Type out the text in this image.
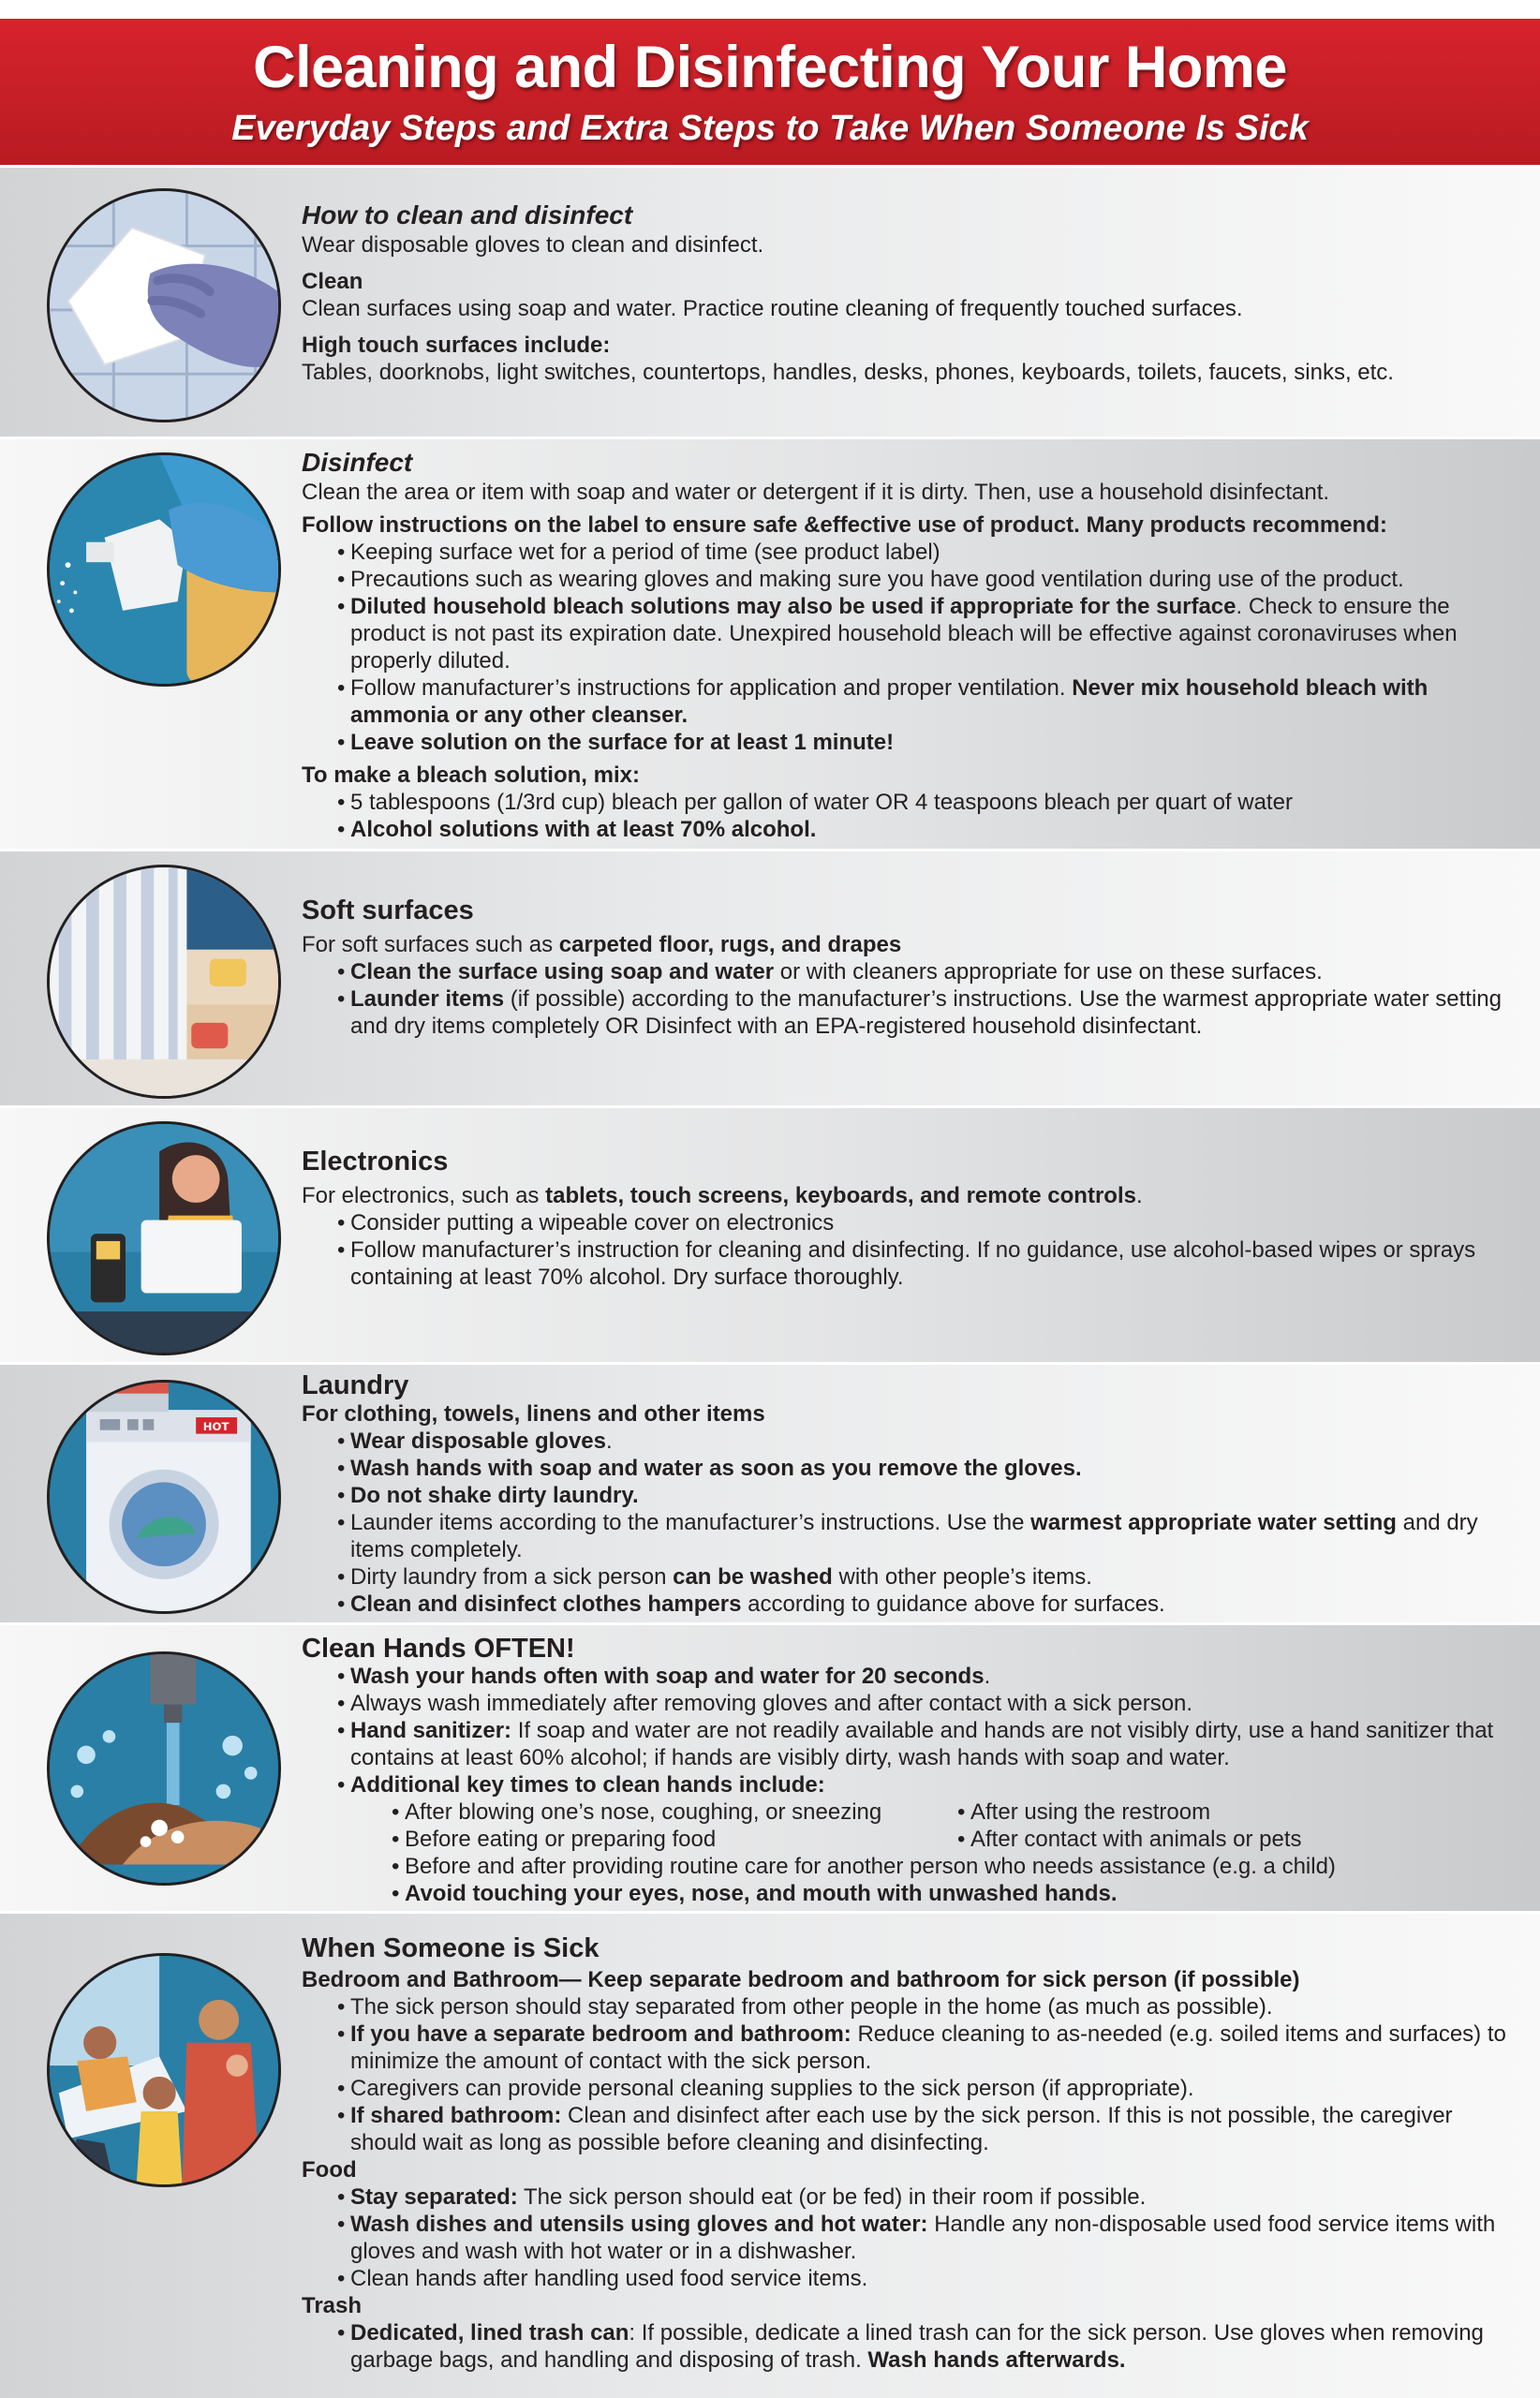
Cleaning and Disinfecting Your Home
Everyday Steps and Extra Steps to Take When Someone Is Sick

How to clean and disinfect

Wear disposable gloves to clean and disinfect.

Clean

Clean surfaces using soap and water. Practice routine cleaning of frequently touched surfaces.

High touch surfaces include:

Tables, doorknobs, light switches, countertops, handles, desks, phones, keyboards, toilets, faucets, sinks, etc.

Disinfect

Clean the area or item with soap and water or detergent if it is dirty. Then, use a household disinfectant.

Follow instructions on the label to ensure safe &effective use of product. Many products recommend:

• Keeping surface wet for a period of time (see product label)
• Precautions such as wearing gloves and making sure you have good ventilation during use of the product.
• Diluted household bleach solutions may also be used if appropriate for the surface. Check to ensure the product is not past its expiration date. Unexpired household bleach will be effective against coronaviruses when properly diluted.
• Follow manufacturer’s instructions for application and proper ventilation. Never mix household bleach with ammonia or any other cleanser.
• Leave solution on the surface for at least 1 minute!

To make a bleach solution, mix:

• 5 tablespoons (1/3rd cup) bleach per gallon of water OR 4 teaspoons bleach per quart of water
• Alcohol solutions with at least 70% alcohol.

Soft surfaces

For soft surfaces such as carpeted floor, rugs, and drapes

• Clean the surface using soap and water or with cleaners appropriate for use on these surfaces.
• Launder items (if possible) according to the manufacturer’s instructions. Use the warmest appropriate water setting and dry items completely OR Disinfect with an EPA-registered household disinfectant.

Electronics

For electronics, such as tablets, touch screens, keyboards, and remote controls.

• Consider putting a wipeable cover on electronics
• Follow manufacturer’s instruction for cleaning and disinfecting. If no guidance, use alcohol-based wipes or sprays containing at least 70% alcohol. Dry surface thoroughly.
HOT

Laundry

For clothing, towels, linens and other items

• Wear disposable gloves.
• Wash hands with soap and water as soon as you remove the gloves.
• Do not shake dirty laundry.
• Launder items according to the manufacturer’s instructions. Use the warmest appropriate water setting and dry items completely.
• Dirty laundry from a sick person can be washed with other people’s items.
• Clean and disinfect clothes hampers according to guidance above for surfaces.

Clean Hands OFTEN!

• Wash your hands often with soap and water for 20 seconds.
• Always wash immediately after removing gloves and after contact with a sick person.
• Hand sanitizer: If soap and water are not readily available and hands are not visibly dirty, use a hand sanitizer that contains at least 60% alcohol; if hands are visibly dirty, wash hands with soap and water.
• Additional key times to clean hands include:
• After blowing one’s nose, coughing, or sneezing
• Before eating or preparing food
• After using the restroom
• After contact with animals or pets
• Before and after providing routine care for another person who needs assistance (e.g. a child)
• Avoid touching your eyes, nose, and mouth with unwashed hands.

When Someone is Sick

Bedroom and Bathroom— Keep separate bedroom and bathroom for sick person (if possible)

• The sick person should stay separated from other people in the home (as much as possible).
• If you have a separate bedroom and bathroom: Reduce cleaning to as-needed (e.g. soiled items and surfaces) to minimize the amount of contact with the sick person.
• Caregivers can provide personal cleaning supplies to the sick person (if appropriate).
• If shared bathroom: Clean and disinfect after each use by the sick person. If this is not possible, the caregiver should wait as long as possible before cleaning and disinfecting.

Food

• Stay separated: The sick person should eat (or be fed) in their room if possible.
• Wash dishes and utensils using gloves and hot water: Handle any non-disposable used food service items with gloves and wash with hot water or in a dishwasher.
• Clean hands after handling used food service items.

Trash

• Dedicated, lined trash can: If possible, dedicate a lined trash can for the sick person. Use gloves when removing garbage bags, and handling and disposing of trash. Wash hands afterwards.
